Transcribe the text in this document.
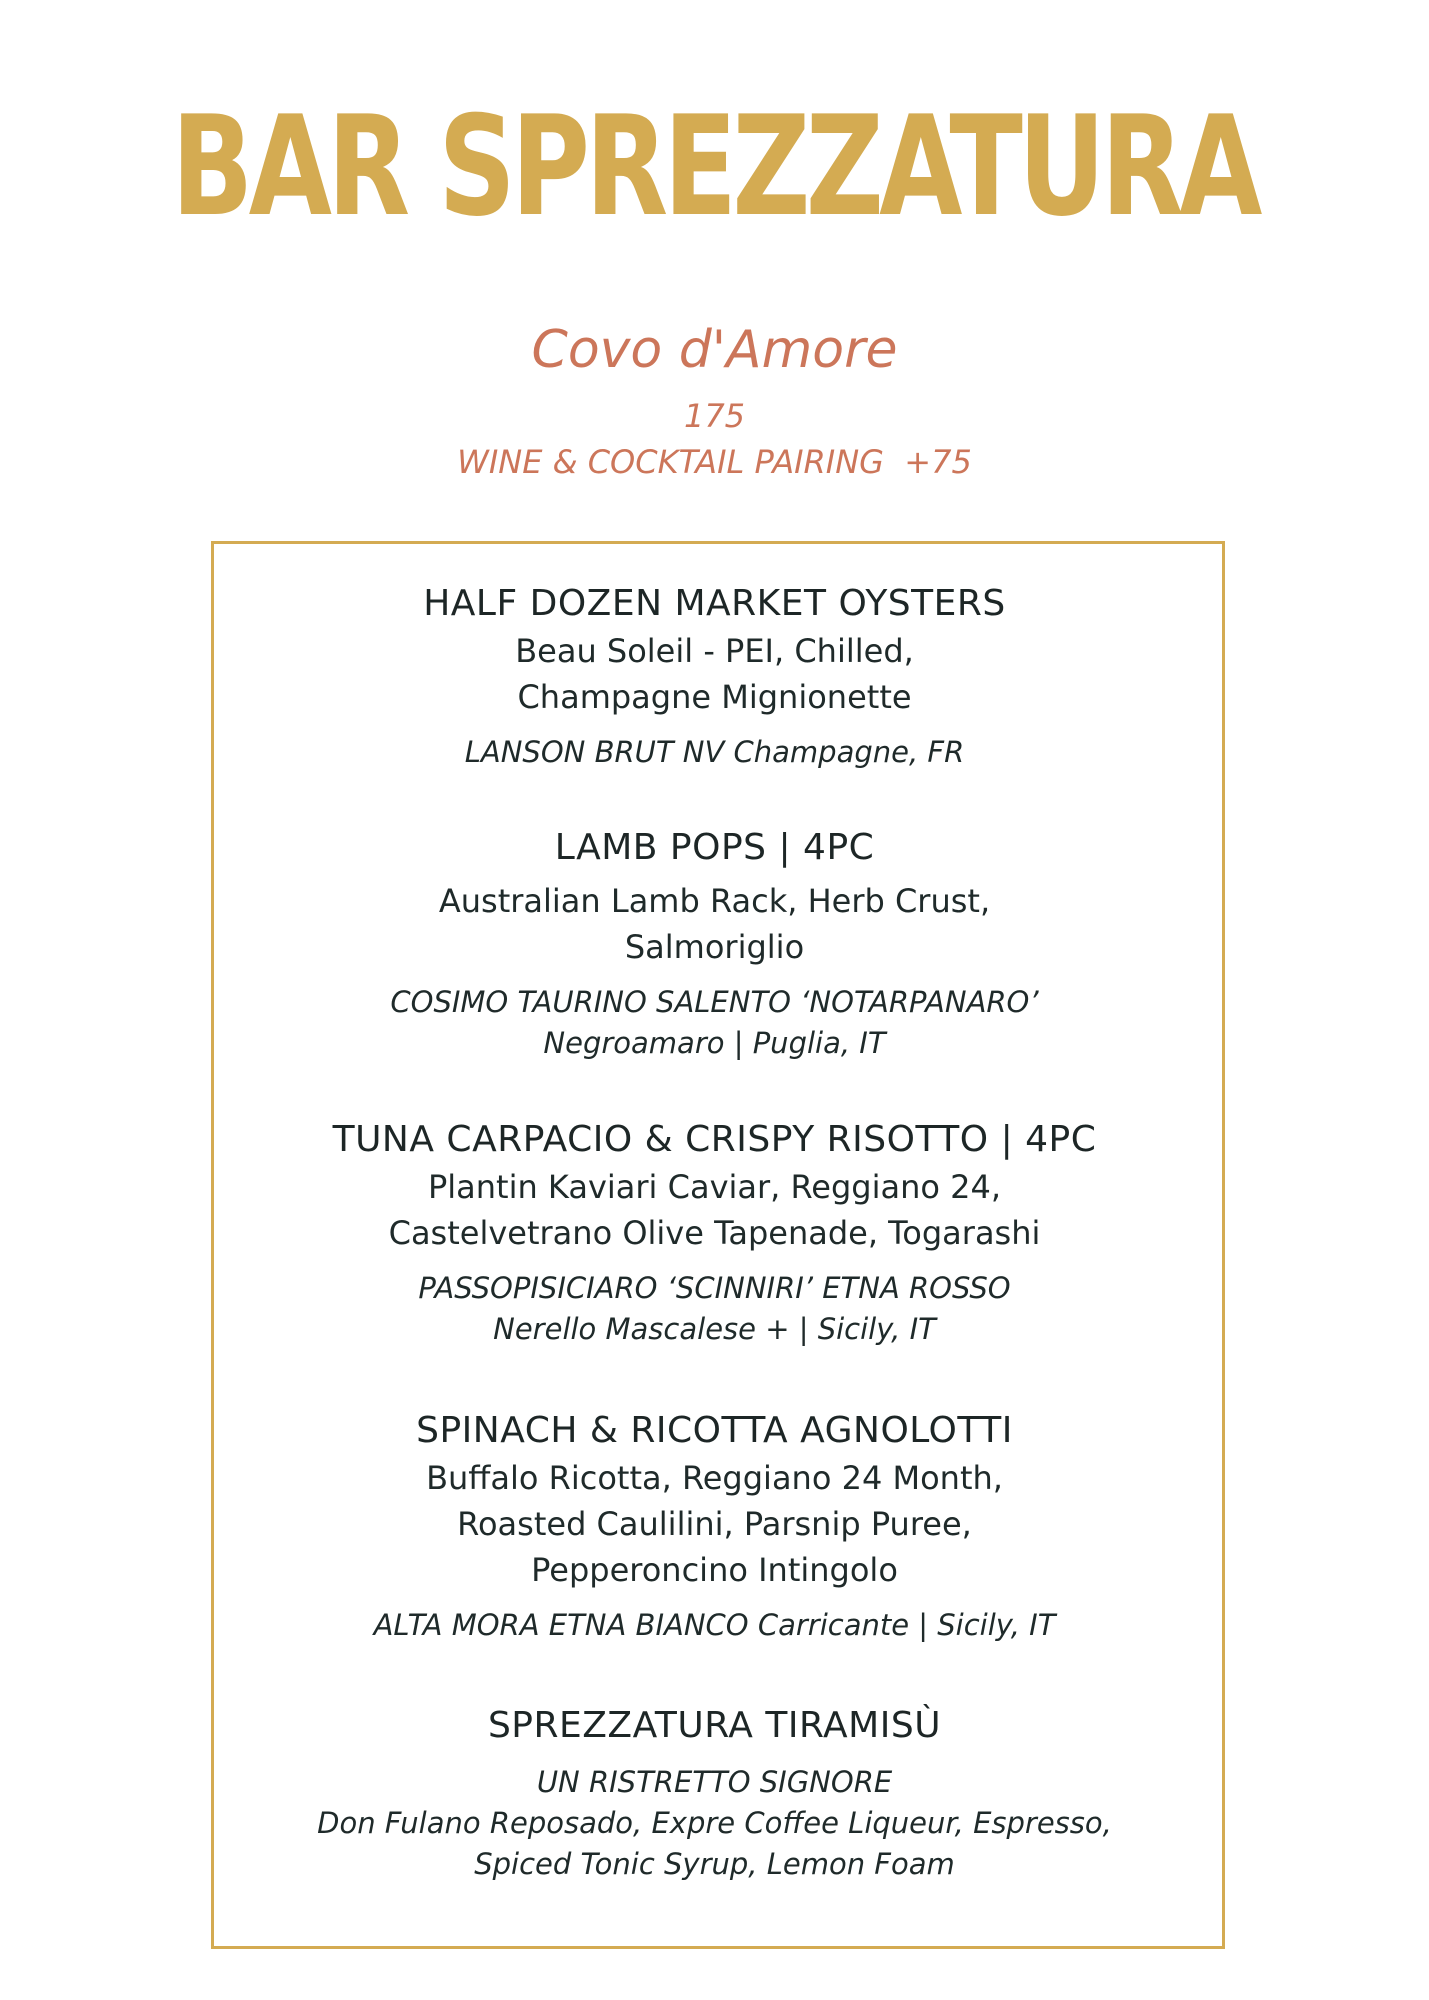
BAR SPREZZATURA
Covo d'Amore
175
WINE & COCKTAIL PAIRING  +75
HALF DOZEN MARKET OYSTERS
Beau Soleil - PEI, Chilled,
Champagne Mignionette
LANSON BRUT NV Champagne, FR
LAMB POPS | 4PC
Australian Lamb Rack, Herb Crust,
Salmoriglio
COSIMO TAURINO SALENTO ‘NOTARPANARO’
Negroamaro | Puglia, IT
TUNA CARPACIO & CRISPY RISOTTO | 4PC
Plantin Kaviari Caviar, Reggiano 24,
Castelvetrano Olive Tapenade, Togarashi
PASSOPISICIARO ‘SCINNIRI’ ETNA ROSSO
Nerello Mascalese + | Sicily, IT
SPINACH & RICOTTA AGNOLOTTI
Buffalo Ricotta, Reggiano 24 Month,
Roasted Caulilini, Parsnip Puree,
Pepperoncino Intingolo
ALTA MORA ETNA BIANCO Carricante | Sicily, IT
SPREZZATURA TIRAMISÙ
UN RISTRETTO SIGNORE
Don Fulano Reposado, Expre Coffee Liqueur, Espresso,
Spiced Tonic Syrup, Lemon Foam
